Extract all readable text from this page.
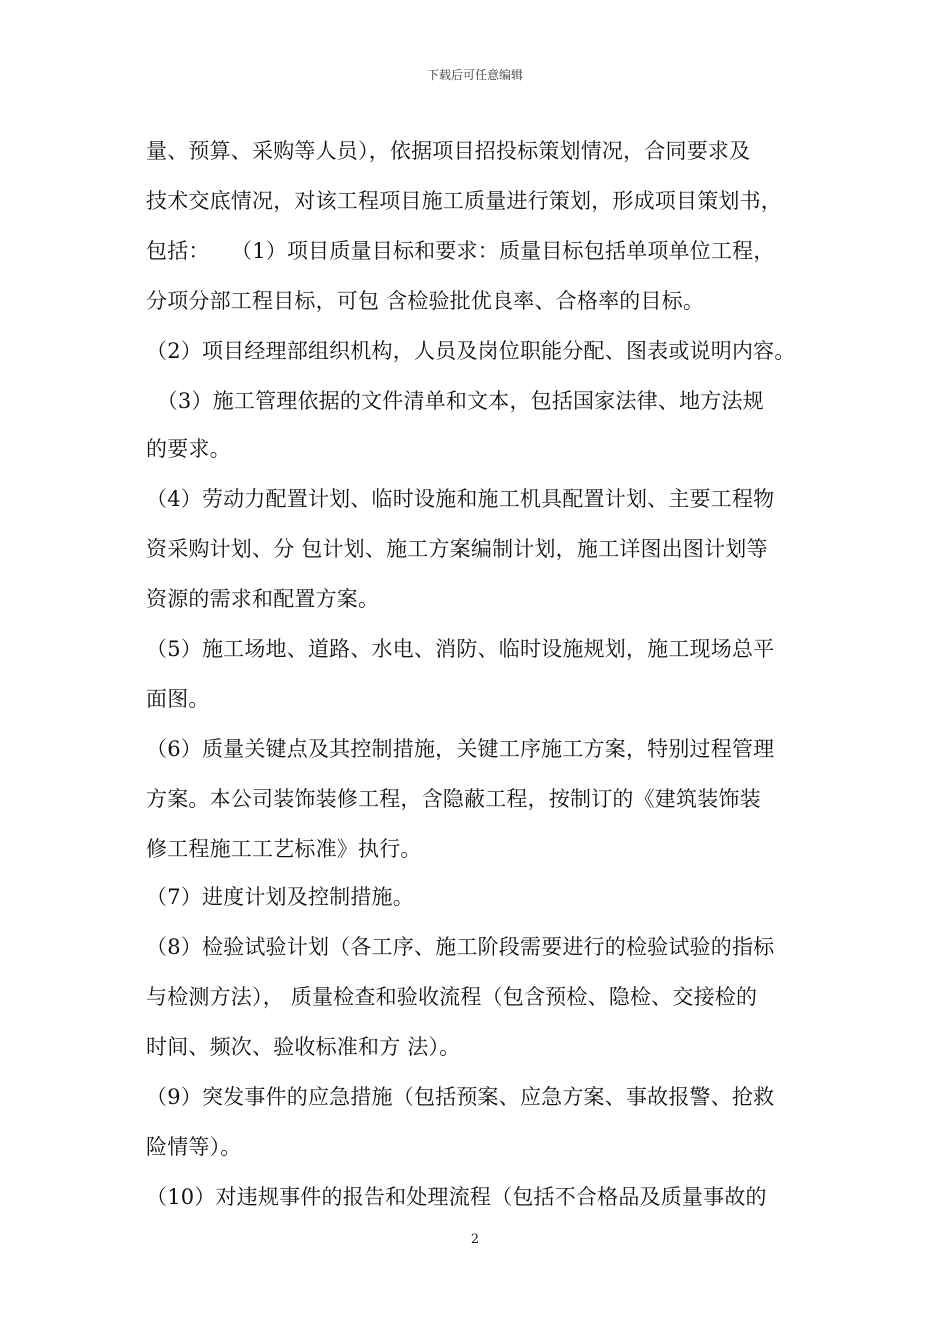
下载后可任意编辑
量、预算、采购等人员），依据项目招投标策划情况，合同要求及
技术交底情况，对该工程项目施工质量进行策划，形成项目策划书，
包括：　　（1）项目质量目标和要求：质量目标包括单项单位工程，
分项分部工程目标，可包 含检验批优良率、合格率的目标。
（2）项目经理部组织机构，人员及岗位职能分配、图表或说明内容。
　（3）施工管理依据的文件清单和文本，包括国家法律、地方法规
的要求。
（4）劳动力配置计划、临时设施和施工机具配置计划、主要工程物
资采购计划、分 包计划、施工方案编制计划，施工详图出图计划等
资源的需求和配置方案。
（5）施工场地、道路、水电、消防、临时设施规划，施工现场总平
面图。
（6）质量关键点及其控制措施，关键工序施工方案，特别过程管理
方案。本公司装饰装修工程，含隐蔽工程，按制订的《建筑装饰装
修工程施工工艺标准》执行。
（7）进度计划及控制措施。
（8）检验试验计划（各工序、施工阶段需要进行的检验试验的指标
与检测方法）， 质量检查和验收流程（包含预检、隐检、交接检的
时间、频次、验收标准和方 法）。
（9）突发事件的应急措施（包括预案、应急方案、事故报警、抢救
险情等）。
（10）对违规事件的报告和处理流程（包括不合格品及质量事故的
2
